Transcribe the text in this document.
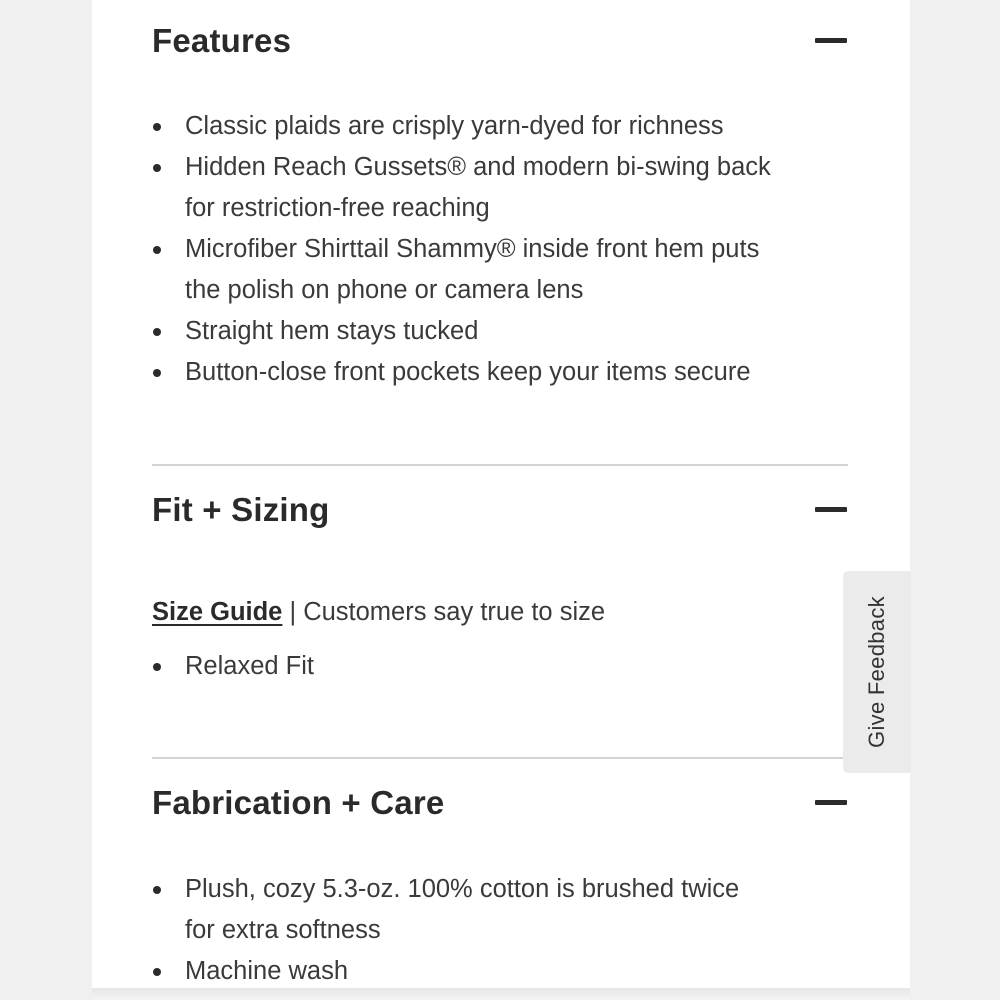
Features
Classic plaids are crisply yarn-dyed for richness
Hidden Reach Gussets® and modern bi-swing back
for restriction-free reaching
Microfiber Shirttail Shammy® inside front hem puts
the polish on phone or camera lens
Straight hem stays tucked
Button-close front pockets keep your items secure
Fit + Sizing
Size Guide | Customers say true to size
Relaxed Fit
Fabrication + Care
Plush, cozy 5.3-oz. 100% cotton is brushed twice
for extra softness
Machine wash
Give Feedback
